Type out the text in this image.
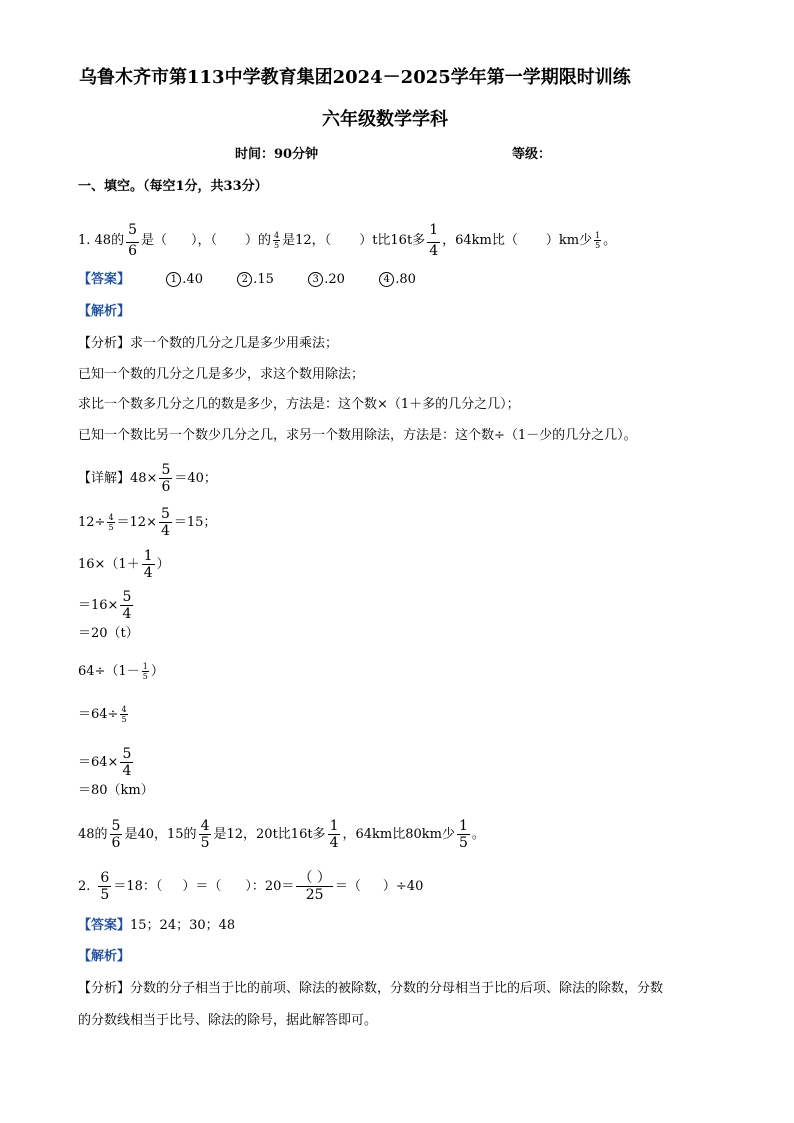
乌鲁木齐市第113中学教育集团2024－2025学年第一学期限时训练
六年级数学学科
时间：90分钟	等级：
一、填空。（每空1分，共33分）
1. 48的 $\frac{5}{6}$ 是（ ），（ ）的 $\frac{4}{5}$ 是12，（ ）t比16t多 $\frac{1}{4}$ ，64km比（ ）km少 $\frac{1}{5}$ 。
【答案】	1 .40	2 .15	3 .20	4 .80
【解析】
【分析】求一个数的几分之几是多少用乘法；
已知一个数的几分之几是多少，求这个数用除法；
求比一个数多几分之几的数是多少，方法是：这个数×（1＋多的几分之几）；
已知一个数比另一个数少几分之几，求另一个数用除法，方法是：这个数÷（1－少的几分之几）。
【详解】$48\times \frac{5}{6} =40$；
$12\div \frac{4}{5} =12\times \frac{5}{4} =15$；
$16\times(1+ \frac{1}{4}$ ）
$=16\times \frac{5}{4}$
＝20（t）
$64\div(1- \frac{1}{5}$ ）
$=64\div \frac{4}{5}$
$=64\times \frac{5}{4}$
＝80（km）
48的 $\frac{5}{6}$ 是40，15的 $\frac{4}{5}$ 是12，20t比16t多 $\frac{1}{4}$ ，64km比80km少 $\frac{1}{5}$ 。
2. $\frac{6}{5} =18$：（ ）＝（ ）：$20= \frac{( )}{25}$ ＝（ ）÷40
【答案】15；24；30；48
【解析】
【分析】分数的分子相当于比的前项、除法的被除数，分数的分母相当于比的后项、除法的除数，分数
的分数线相当于比号、除法的除号，据此解答即可。
